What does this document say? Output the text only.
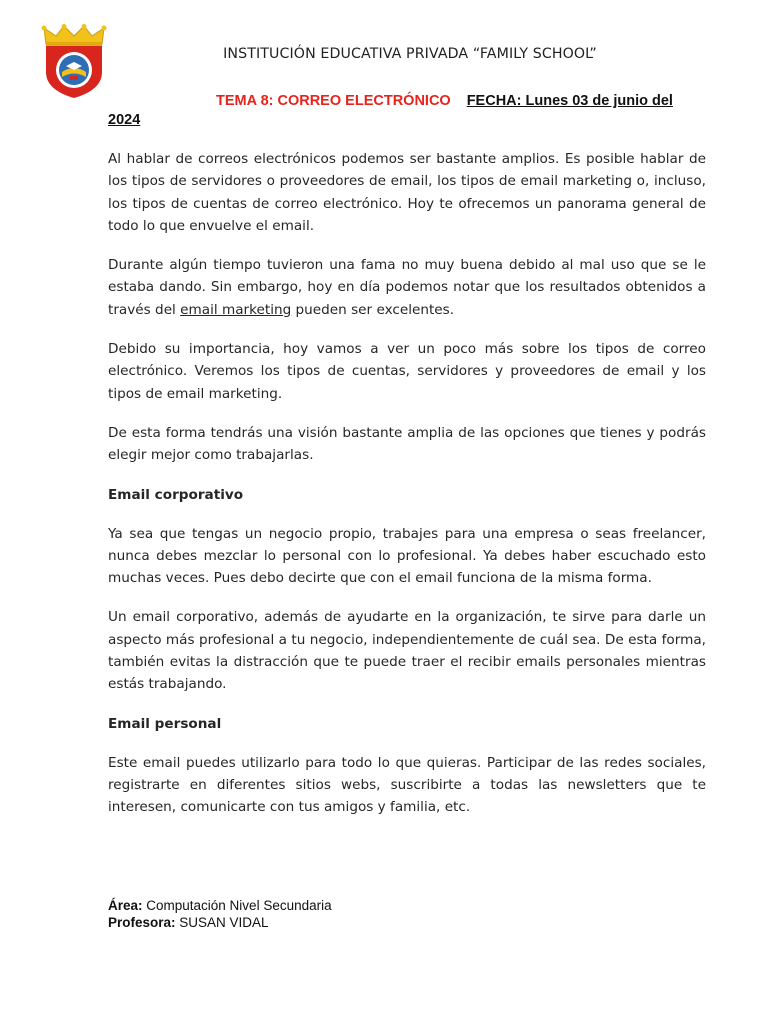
INSTITUCIÓN EDUCATIVA PRIVADA “FAMILY SCHOOL”
TEMA 8: CORREO ELECTRÓNICO FECHA: Lunes 03 de junio del
2024

Al hablar de correos electrónicos podemos ser bastante amplios. Es posible hablar de los tipos de servidores o proveedores de email, los tipos de email marketing o, incluso, los tipos de cuentas de correo electrónico. Hoy te ofrecemos un panorama general de todo lo que envuelve el email.

Durante algún tiempo tuvieron una fama no muy buena debido al mal uso que se le estaba dando. Sin embargo, hoy en día podemos notar que los resultados obtenidos a través del email marketing pueden ser excelentes.

Debido su importancia, hoy vamos a ver un poco más sobre los tipos de correo electrónico. Veremos los tipos de cuentas, servidores y proveedores de email y los tipos de email marketing.

De esta forma tendrás una visión bastante amplia de las opciones que tienes y podrás elegir mejor como trabajarlas.

Email corporativo

Ya sea que tengas un negocio propio, trabajes para una empresa o seas freelancer, nunca debes mezclar lo personal con lo profesional. Ya debes haber escuchado esto muchas veces. Pues debo decirte que con el email funciona de la misma forma.

Un email corporativo, además de ayudarte en la organización, te sirve para darle un aspecto más profesional a tu negocio, independientemente de cuál sea. De esta forma, también evitas la distracción que te puede traer el recibir emails personales mientras estás trabajando.

Email personal

Este email puedes utilizarlo para todo lo que quieras. Participar de las redes sociales, registrarte en diferentes sitios webs, suscribirte a todas las newsletters que te interesen, comunicarte con tus amigos y familia, etc.

Área: Computación Nivel Secundaria
Profesora: SUSAN VIDAL
